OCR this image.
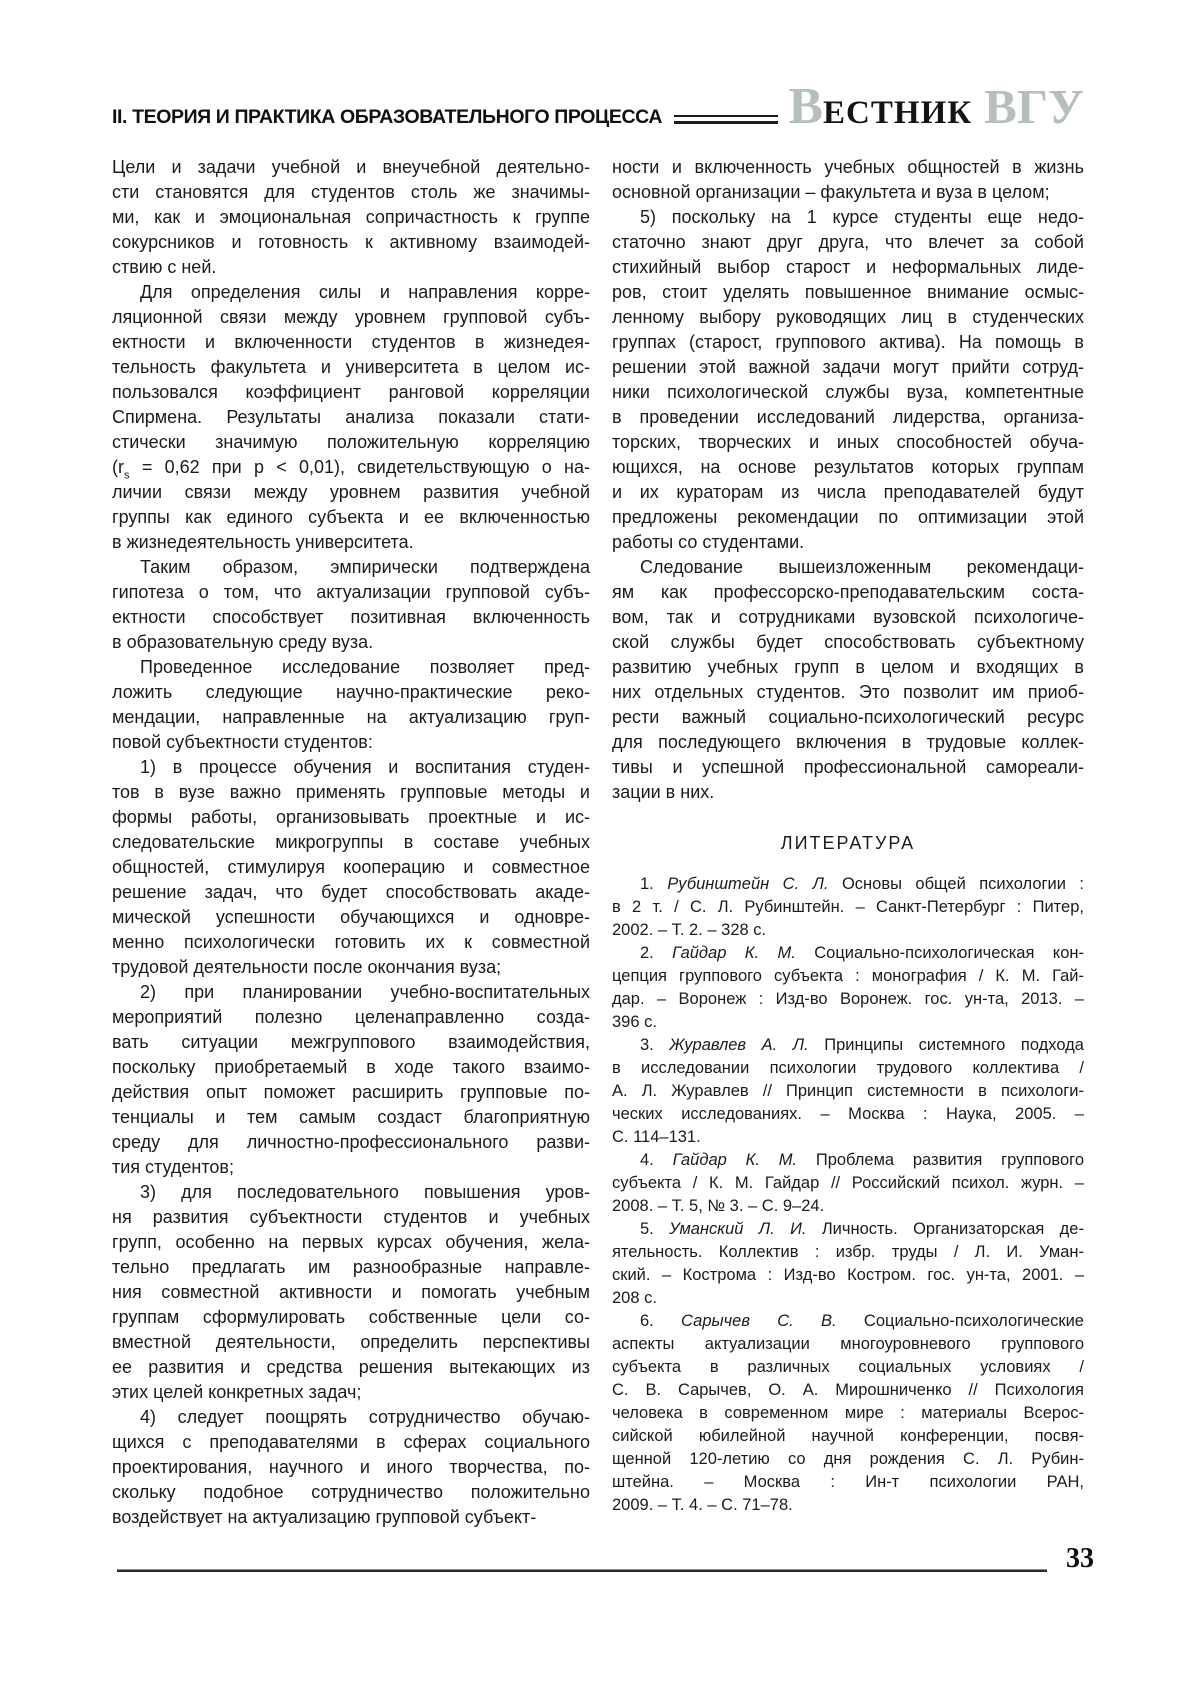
II. ТЕОРИЯ И ПРАКТИКА ОБРАЗОВАТЕЛЬНОГО ПРОЦЕССА ВЕСТНИК ВГУ
Цели и задачи учебной и внеучебной деятельно-
сти становятся для студентов столь же значимы-
ми, как и эмоциональная сопричастность к группе
сокурсников и готовность к активному взаимодей-
ствию с ней.
Для определения силы и направления корре-
ляционной связи между уровнем групповой субъ-
ектности и включенности студентов в жизнедея-
тельность факультета и университета в целом ис-
пользовался коэффициент ранговой корреляции
Спирмена. Результаты анализа показали стати-
стически значимую положительную корреляцию
($r_s = 0,62$ при p < 0,01), свидетельствующую о на-
личии связи между уровнем развития учебной
группы как единого субъекта и ее включенностью
в жизнедеятельность университета.
Таким образом, эмпирически подтверждена
гипотеза о том, что актуализации групповой субъ-
ектности способствует позитивная включенность
в образовательную среду вуза.
Проведенное исследование позволяет пред-
ложить следующие научно-практические реко-
мендации, направленные на актуализацию груп-
повой субъектности студентов:
1) в процессе обучения и воспитания студен-
тов в вузе важно применять групповые методы и
формы работы, организовывать проектные и ис-
следовательские микрогруппы в составе учебных
общностей, стимулируя кооперацию и совместное
решение задач, что будет способствовать акаде-
мической успешности обучающихся и одновре-
менно психологически готовить их к совместной
трудовой деятельности после окончания вуза;
2) при планировании учебно-воспитательных
мероприятий полезно целенаправленно созда-
вать ситуации межгруппового взаимодействия,
поскольку приобретаемый в ходе такого взаимо-
действия опыт поможет расширить групповые по-
тенциалы и тем самым создаст благоприятную
среду для личностно-профессионального разви-
тия студентов;
3) для последовательного повышения уров-
ня развития субъектности студентов и учебных
групп, особенно на первых курсах обучения, жела-
тельно предлагать им разнообразные направле-
ния совместной активности и помогать учебным
группам сформулировать собственные цели со-
вместной деятельности, определить перспективы
ее развития и средства решения вытекающих из
этих целей конкретных задач;
4) следует поощрять сотрудничество обучаю-
щихся с преподавателями в сферах социального
проектирования, научного и иного творчества, по-
скольку подобное сотрудничество положительно
воздействует на актуализацию групповой субъект-
ности и включенность учебных общностей в жизнь
основной организации – факультета и вуза в целом;
5) поскольку на 1 курсе студенты еще недо-
статочно знают друг друга, что влечет за собой
стихийный выбор старост и неформальных лиде-
ров, стоит уделять повышенное внимание осмыс-
ленному выбору руководящих лиц в студенческих
группах (старост, группового актива). На помощь в
решении этой важной задачи могут прийти сотруд-
ники психологической службы вуза, компетентные
в проведении исследований лидерства, организа-
торских, творческих и иных способностей обуча-
ющихся, на основе результатов которых группам
и их кураторам из числа преподавателей будут
предложены рекомендации по оптимизации этой
работы со студентами.
Следование вышеизложенным рекомендаци-
ям как профессорско-преподавательским соста-
вом, так и сотрудниками вузовской психологиче-
ской службы будет способствовать субъектному
развитию учебных групп в целом и входящих в
них отдельных студентов. Это позволит им приоб-
рести важный социально-психологический ресурс
для последующего включения в трудовые коллек-
тивы и успешной профессиональной самореали-
зации в них.
ЛИТЕРАТУРА
1. Рубинштейн С. Л. Основы общей психологии :
в 2 т. / С. Л. Рубинштейн. – Санкт-Петербург : Питер,
2002. – Т. 2. – 328 с.
2. Гайдар К. М. Социально-психологическая кон-
цепция группового субъекта : монография / К. М. Гай-
дар. – Воронеж : Изд-во Воронеж. гос. ун-та, 2013. –
396 с.
3. Журавлев А. Л. Принципы системного подхода
в исследовании психологии трудового коллектива /
А. Л. Журавлев // Принцип системности в психологи-
ческих исследованиях. – Москва : Наука, 2005. –
С. 114–131.
4. Гайдар К. М. Проблема развития группового
субъекта / К. М. Гайдар // Российский психол. журн. –
2008. – Т. 5, № 3. – С. 9–24.
5. Уманский Л. И. Личность. Организаторская де-
ятельность. Коллектив : избр. труды / Л. И. Уман-
ский. – Кострома : Изд-во Костром. гос. ун-та, 2001. –
208 с.
6. Сарычев С. В. Социально-психологические
аспекты актуализации многоуровневого группового
субъекта в различных социальных условиях /
С. В. Сарычев, О. А. Мирошниченко // Психология
человека в современном мире : материалы Всерос-
сийской юбилейной научной конференции, посвя-
щенной 120-летию со дня рождения С. Л. Рубин-
штейна. – Москва : Ин-т психологии РАН,
2009. – Т. 4. – С. 71–78.
33
